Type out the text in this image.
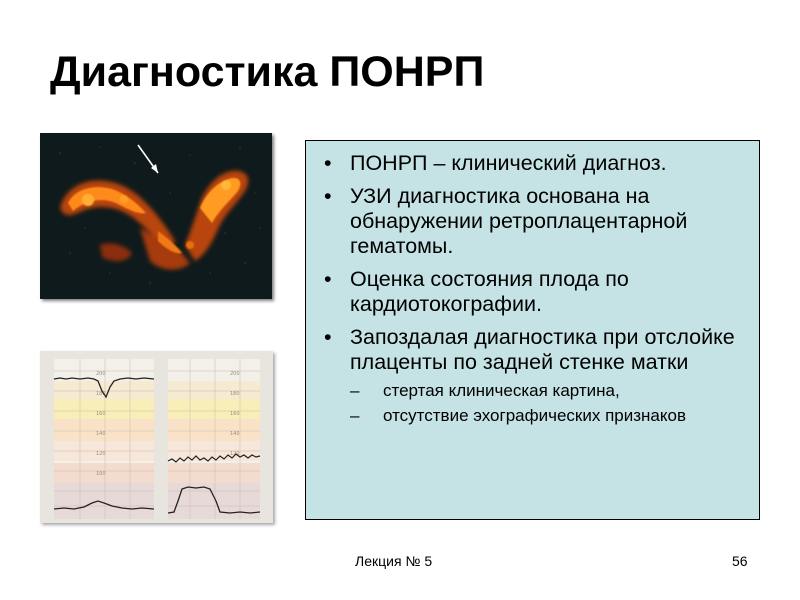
Диагностика ПОНРП
200
180
160
140
120
100
200
180
160
140
120
• ПОНРП – клинический диагноз.
• УЗИ диагностика основана на обнаружении ретроплацентарной гематомы.
• Оценка состояния плода по кардиотокографии.
• Запоздалая диагностика при отслойке плаценты по задней стенке матки
– стертая клиническая картина,
– отсутствие эхографических признаков
Лекция № 5	56
